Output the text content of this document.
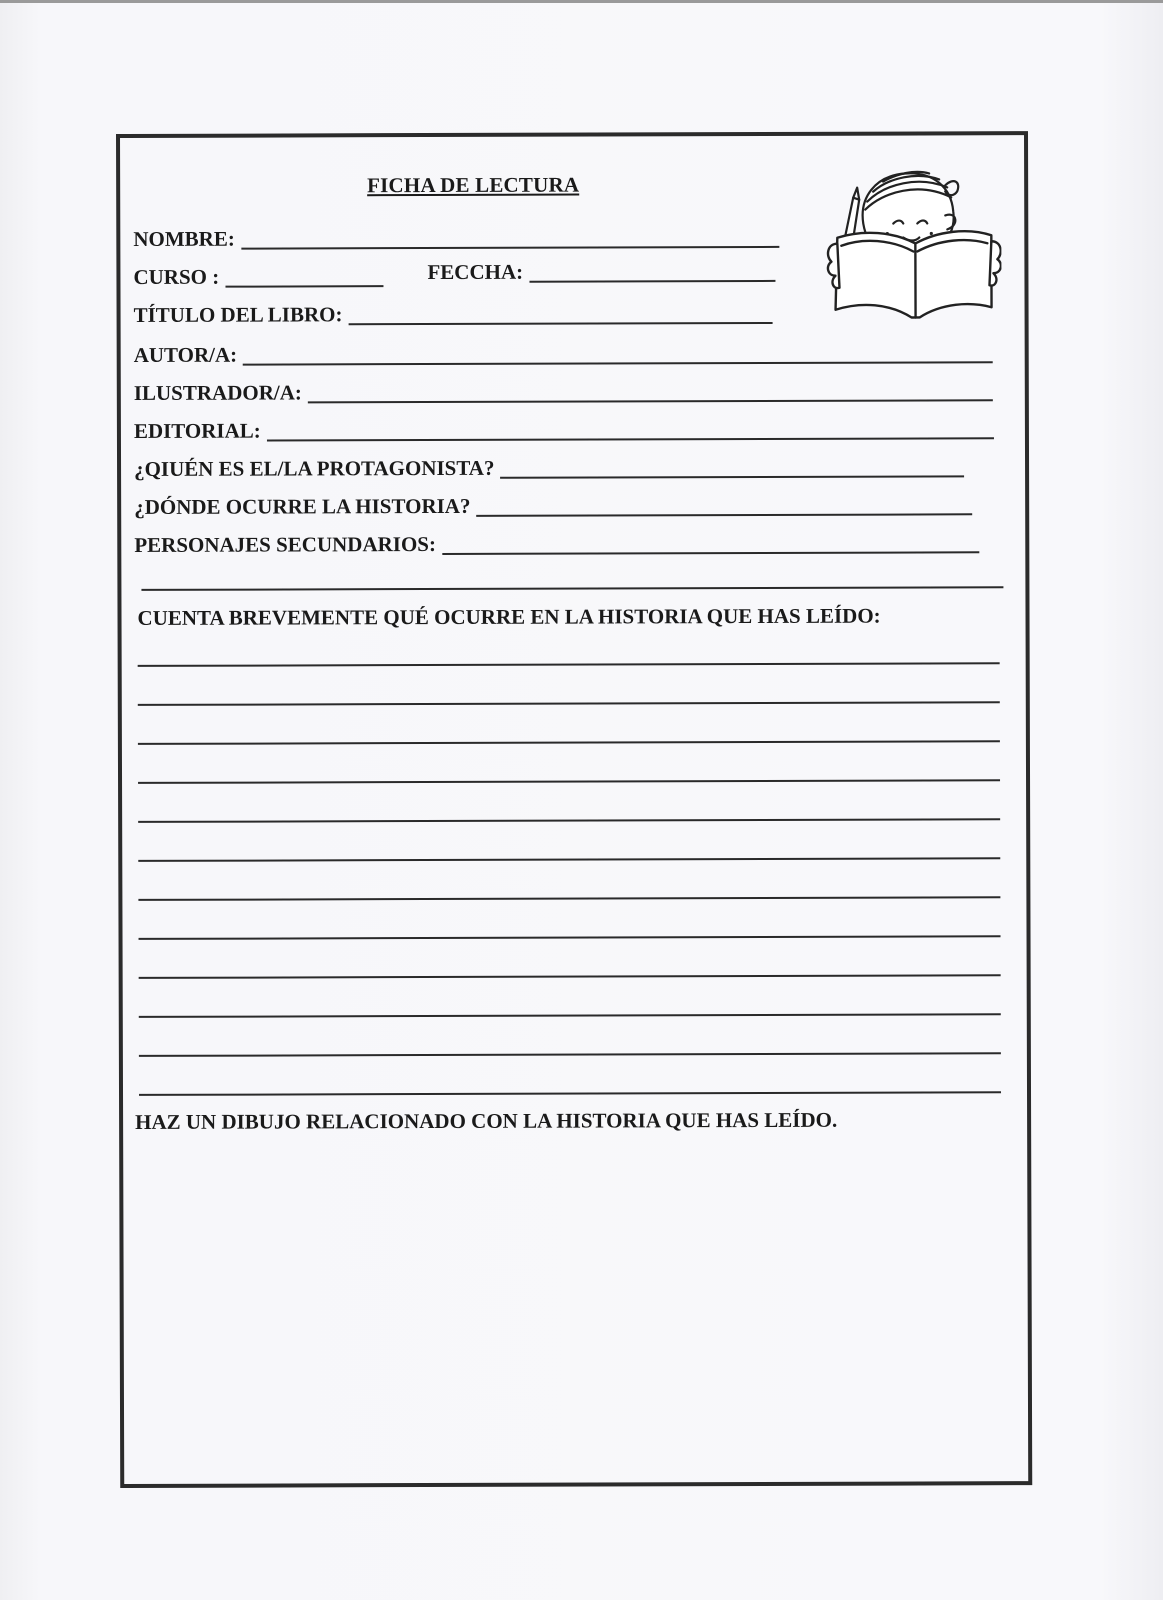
FICHA DE LECTURA
NOMBRE:
CURSO :	FECCHA:
TÍTULO DEL LIBRO:
AUTOR/A:
ILUSTRADOR/A:
EDITORIAL:
¿QIUÉN ES EL/LA PROTAGONISTA?
¿DÓNDE OCURRE LA HISTORIA?
PERSONAJES SECUNDARIOS:
CUENTA BREVEMENTE QUÉ OCURRE EN LA HISTORIA QUE HAS LEÍDO:
HAZ UN DIBUJO RELACIONADO CON LA HISTORIA QUE HAS LEÍDO.
